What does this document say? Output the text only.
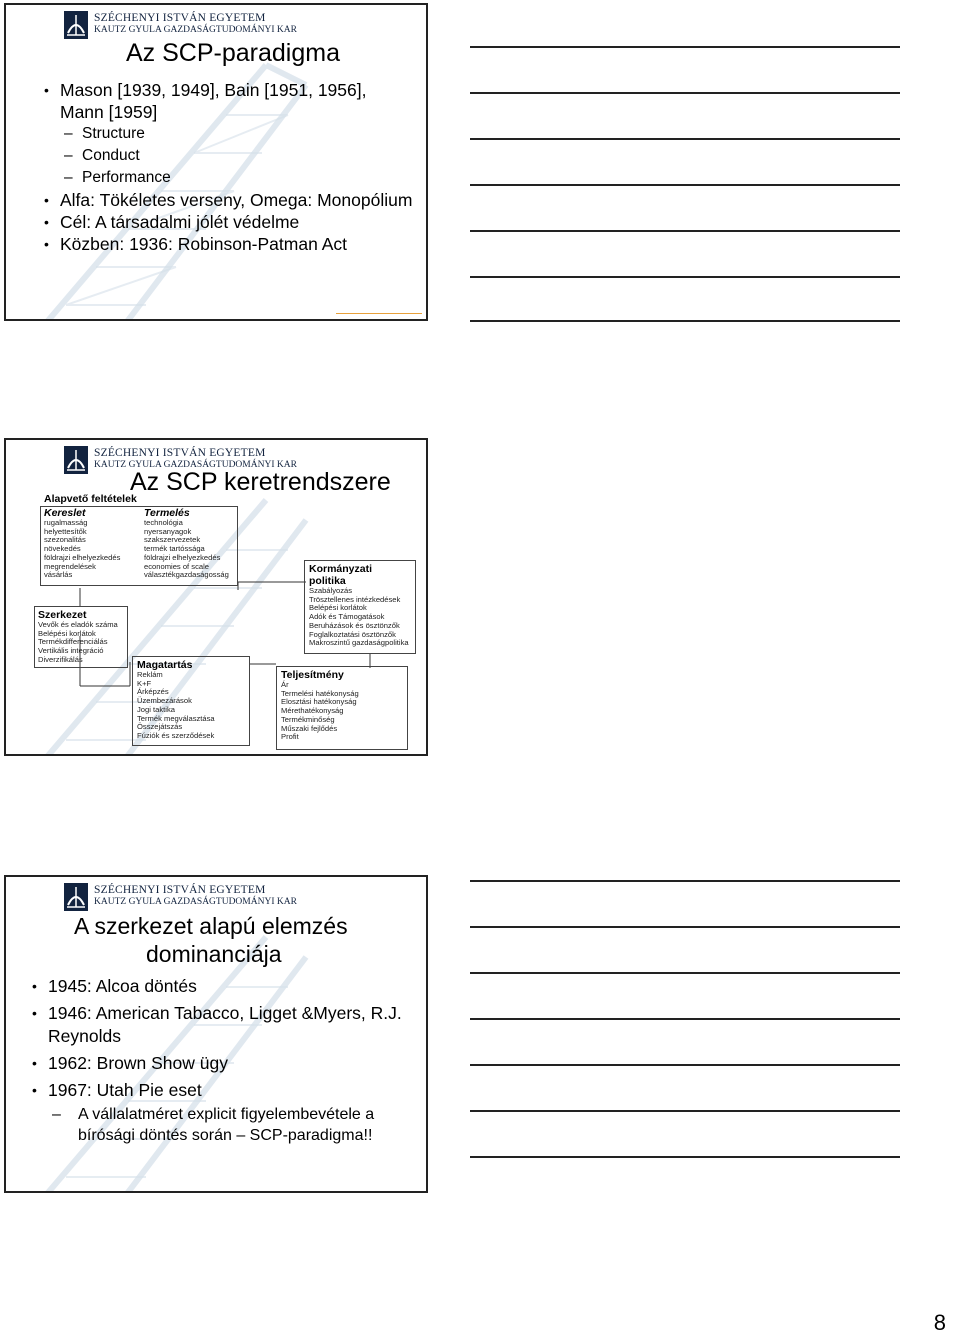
SZÉCHENYI ISTVÁN EGYETEM
KAUTZ GYULA GAZDASÁGTUDOMÁNYI KAR
Az SCP-paradigma
• Mason [1939, 1949], Bain [1951, 1956], Mann [1959]
– Structure
– Conduct
– Performance
• Alfa: Tökéletes verseny, Omega: Monopólium
• Cél: A társadalmi jólét védelme
• Közben: 1936: Robinson-Patman Act
SZÉCHENYI ISTVÁN EGYETEM
KAUTZ GYULA GAZDASÁGTUDOMÁNYI KAR
Az SCP keretrendszere
Alapvető feltételek
Kereslet
rugalmasság
helyettesítők
szezonalitás
növekedés
földrajzi elhelyezkedés
megrendelések
vásárlás
Termelés
technológia
nyersanyagok
szakszervezetek
termék tartóssága
földrajzi elhelyezkedés
economies of scale
választékgazdaságosság
Szerkezet
Vevők és eladók száma
Belépési korlátok
Termékdifferenciálás
Vertikális integráció
Diverzifikálás	Magatartás
Reklám
K+F
Árképzés
Üzembezárások
Jogi taktika
Termék megválasztása
Összejátszás
Fúziók és szerződések
Teljesítmény
Ár
Termelési hatékonyság
Elosztási hatékonyság
Mérethatékonyság
Termékminőség
Műszaki fejlődés
Profit
Kormányzati politika
Szabályozás
Trösztellenes intézkedések
Belépési korlátok
Adók és Támogatások
Beruházások és ösztönzők
Foglalkoztatási ösztönzők
Makroszintű gazdaságpolitika
SZÉCHENYI ISTVÁN EGYETEM
KAUTZ GYULA GAZDASÁGTUDOMÁNYI KAR
A szerkezet alapú elemzés
dominanciája
• 1945: Alcoa döntés
• 1946: American Tabacco, Ligget &Myers, R.J. Reynolds
• 1962: Brown Show ügy
• 1967: Utah Pie eset
– A vállalatméret explicit figyelembevétele a bírósági döntés során – SCP-paradigma!!
8
